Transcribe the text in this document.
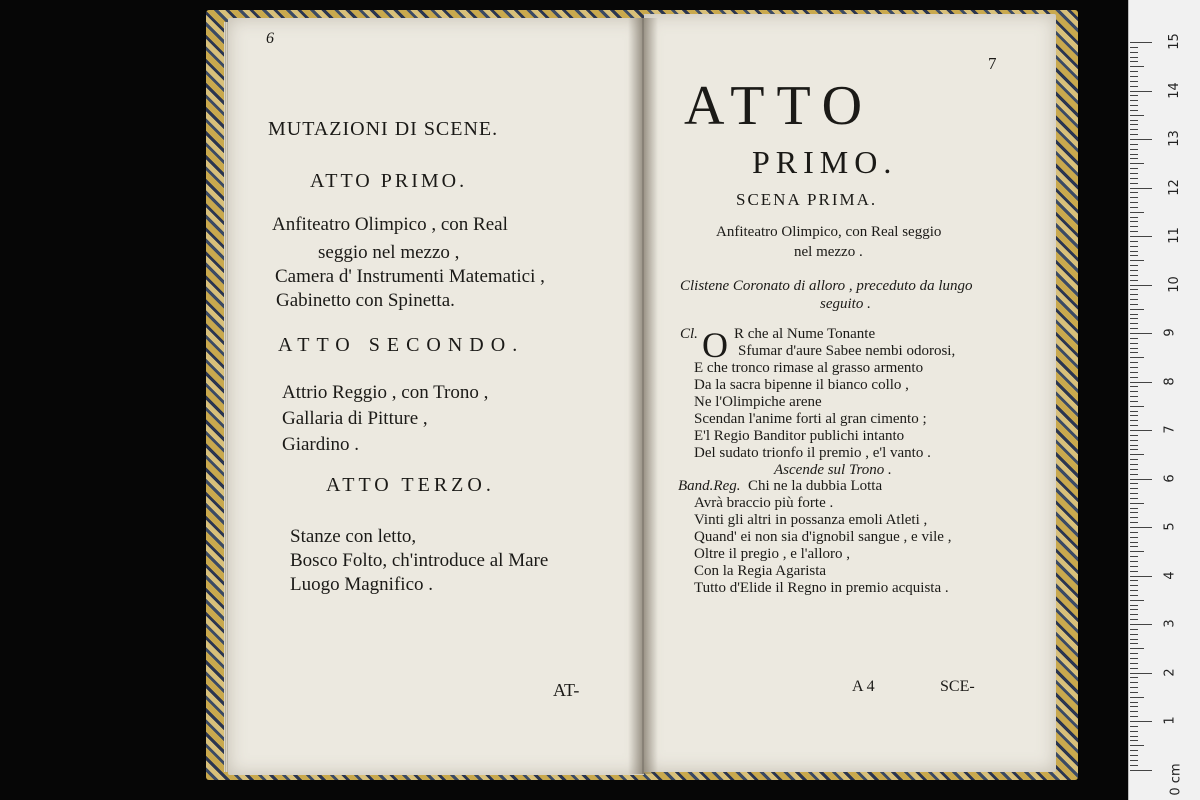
6
MUTAZIONI DI SCENE.
ATTO PRIMO.
Anfiteatro Olimpico , con Real
seggio nel mezzo ,
Camera d' Instrumenti Matematici ,
Gabinetto con Spinetta.
ATTO SECONDO.
Attrio Reggio , con Trono ,
Gallaria di Pitture ,
Giardino .
ATTO TERZO.
Stanze con letto,
Bosco Folto, ch'introduce al Mare
Luogo Magnifico .
AT-
7
ATTO
PRIMO.
SCENA PRIMA.
Anfiteatro Olimpico, con Real seggio
nel mezzo .
Clistene Coronato di alloro , preceduto da lungo
seguito .
Cl. O R che al Nume Tonante
Sfumar d'aure Sabee nembi odorosi,
E che tronco rimase al grasso armento
Da la sacra bipenne il bianco collo ,
Ne l'Olimpiche arene
Scendan l'anime forti al gran cimento ;
E'l Regio Banditor publichi intanto
Del sudato trionfo il premio , e'l vanto .
Ascende sul Trono .
Band.Reg. Chi ne la dubbia Lotta
Avrà braccio più forte .
Vinti gli altri in possanza emoli Atleti ,
Quand' ei non sia d'ignobil sangue , e vile ,
Oltre il pregio , e l'alloro ,
Con la Regia Agarista
Tutto d'Elide il Regno in premio acquista .
A 4	SCE-
15
14
13
12
11
10
9
8
7
6
5
4
3
2
1
0 cm
